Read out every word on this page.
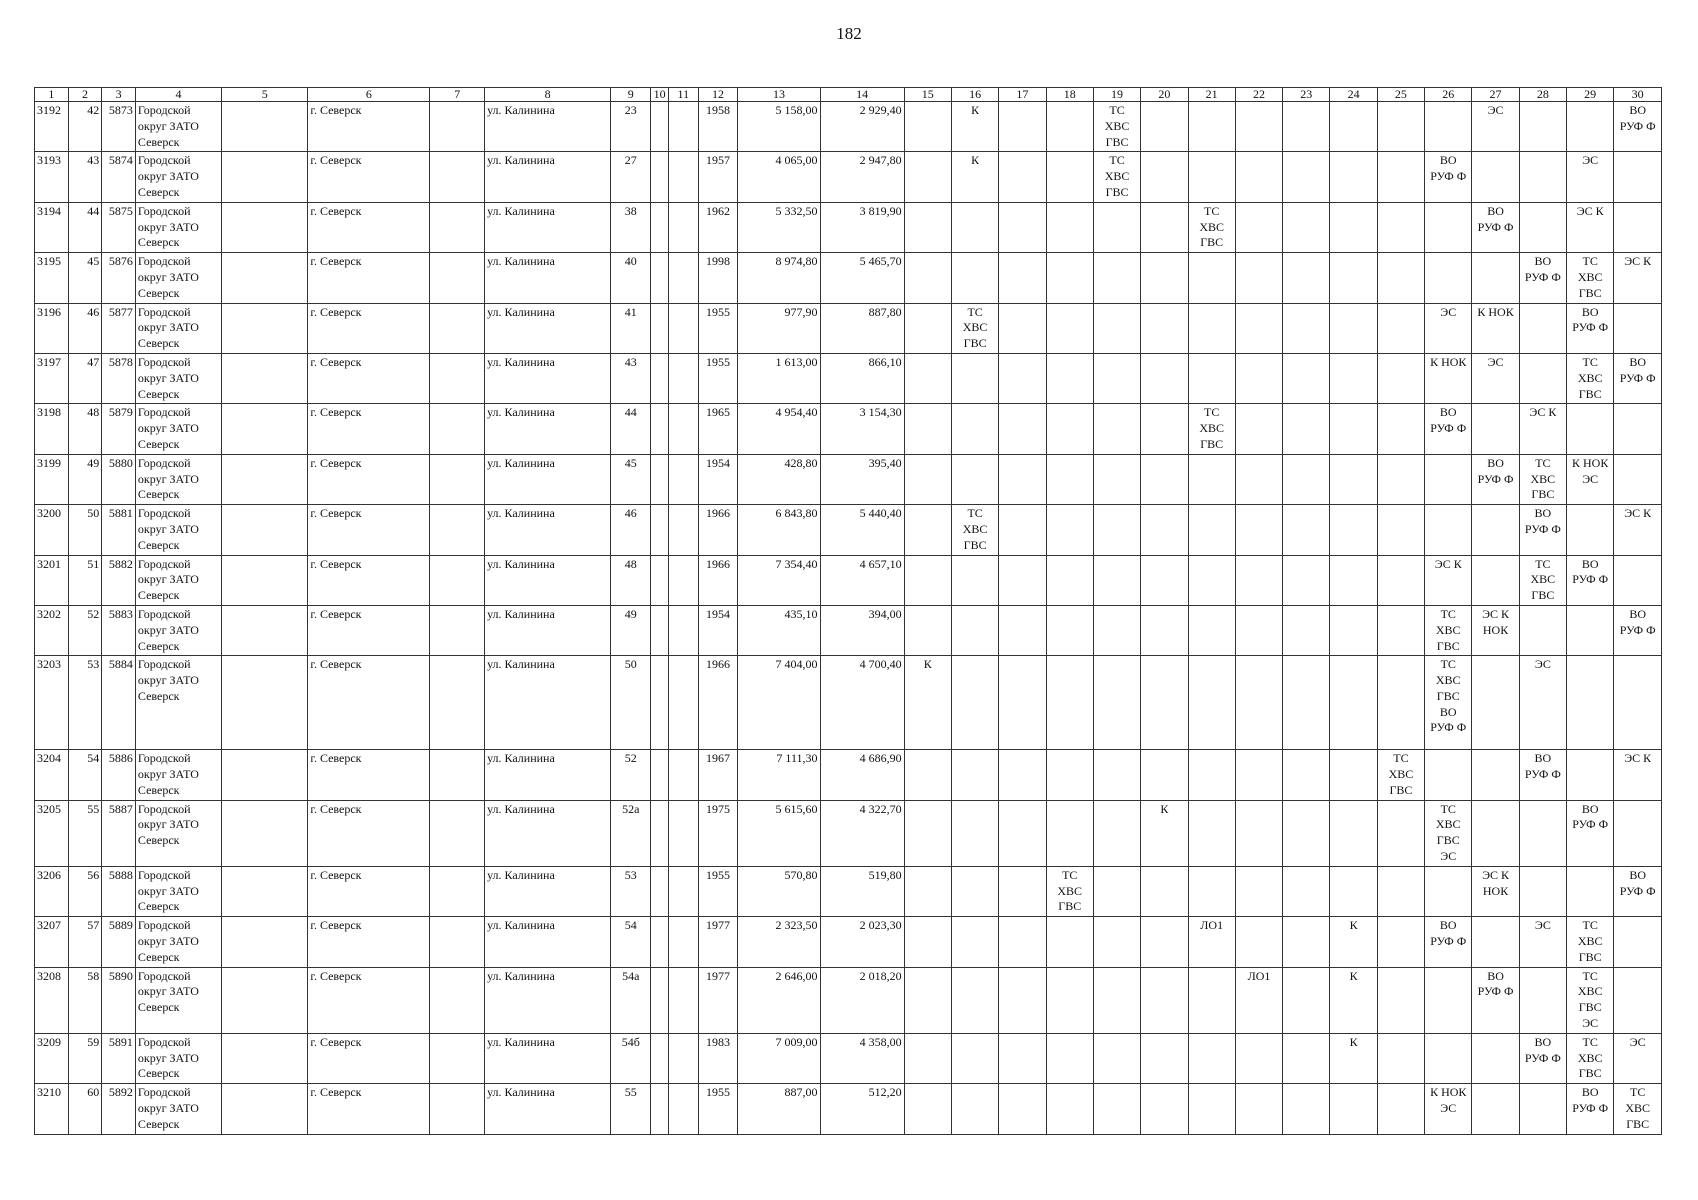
182
1	2	3	4	5	6	7	8	9	10	11	12	13	14	15	16	17	18	19	20	21	22	23	24	25	26	27	28	29	30
3192	42	5873	Городской
округ ЗАТО
Северск		г. Северск		ул. Калинина	23			1958	5 158,00	2 929,40		К			ТС
ХВС
ГВС								ЭС			ВО
РУФ Ф
3193	43	5874	Городской
округ ЗАТО
Северск		г. Северск		ул. Калинина	27			1957	4 065,00	2 947,80		К			ТС
ХВС
ГВС							ВО
РУФ Ф			ЭС	
3194	44	5875	Городской
округ ЗАТО
Северск		г. Северск		ул. Калинина	38			1962	5 332,50	3 819,90							ТС
ХВС
ГВС						ВО
РУФ Ф		ЭС К	
3195	45	5876	Городской
округ ЗАТО
Северск		г. Северск		ул. Калинина	40			1998	8 974,80	5 465,70														ВО
РУФ Ф	ТС
ХВС
ГВС	ЭС К
3196	46	5877	Городской
округ ЗАТО
Северск		г. Северск		ул. Калинина	41			1955	977,90	887,80		ТС
ХВС
ГВС										ЭС	К НОК		ВО
РУФ Ф	
3197	47	5878	Городской
округ ЗАТО
Северск		г. Северск		ул. Калинина	43			1955	1 613,00	866,10												К НОК	ЭС		ТС
ХВС
ГВС	ВО
РУФ Ф
3198	48	5879	Городской
округ ЗАТО
Северск		г. Северск		ул. Калинина	44			1965	4 954,40	3 154,30							ТС
ХВС
ГВС					ВО
РУФ Ф		ЭС К		
3199	49	5880	Городской
округ ЗАТО
Северск		г. Северск		ул. Калинина	45			1954	428,80	395,40													ВО
РУФ Ф	ТС
ХВС
ГВС	К НОК
ЭС	
3200	50	5881	Городской
округ ЗАТО
Северск		г. Северск		ул. Калинина	46			1966	6 843,80	5 440,40		ТС
ХВС
ГВС												ВО
РУФ Ф		ЭС К
3201	51	5882	Городской
округ ЗАТО
Северск		г. Северск		ул. Калинина	48			1966	7 354,40	4 657,10												ЭС К		ТС
ХВС
ГВС	ВО
РУФ Ф	
3202	52	5883	Городской
округ ЗАТО
Северск		г. Северск		ул. Калинина	49			1954	435,10	394,00												ТС
ХВС
ГВС	ЭС К
НОК			ВО
РУФ Ф
3203	53	5884	Городской
округ ЗАТО
Северск		г. Северск		ул. Калинина	50			1966	7 404,00	4 700,40	К											ТС
ХВС
ГВС
ВО
РУФ Ф		ЭС		
3204	54	5886	Городской
округ ЗАТО
Северск		г. Северск		ул. Калинина	52			1967	7 111,30	4 686,90											ТС
ХВС
ГВС			ВО
РУФ Ф		ЭС К
3205	55	5887	Городской
округ ЗАТО
Северск		г. Северск		ул. Калинина	52а			1975	5 615,60	4 322,70						К						ТС
ХВС
ГВС
ЭС			ВО
РУФ Ф	
3206	56	5888	Городской
округ ЗАТО
Северск		г. Северск		ул. Калинина	53			1955	570,80	519,80				ТС
ХВС
ГВС									ЭС К
НОК			ВО
РУФ Ф
3207	57	5889	Городской
округ ЗАТО
Северск		г. Северск		ул. Калинина	54			1977	2 323,50	2 023,30							ЛО1			К		ВО
РУФ Ф		ЭС	ТС
ХВС
ГВС	
3208	58	5890	Городской
округ ЗАТО
Северск		г. Северск		ул. Калинина	54а			1977	2 646,00	2 018,20								ЛО1		К			ВО
РУФ Ф		ТС
ХВС
ГВС
ЭС	
3209	59	5891	Городской
округ ЗАТО
Северск		г. Северск		ул. Калинина	54б			1983	7 009,00	4 358,00										К				ВО
РУФ Ф	ТС
ХВС
ГВС	ЭС
3210	60	5892	Городской
округ ЗАТО
Северск		г. Северск		ул. Калинина	55			1955	887,00	512,20												К НОК
ЭС			ВО
РУФ Ф	ТС
ХВС
ГВС
